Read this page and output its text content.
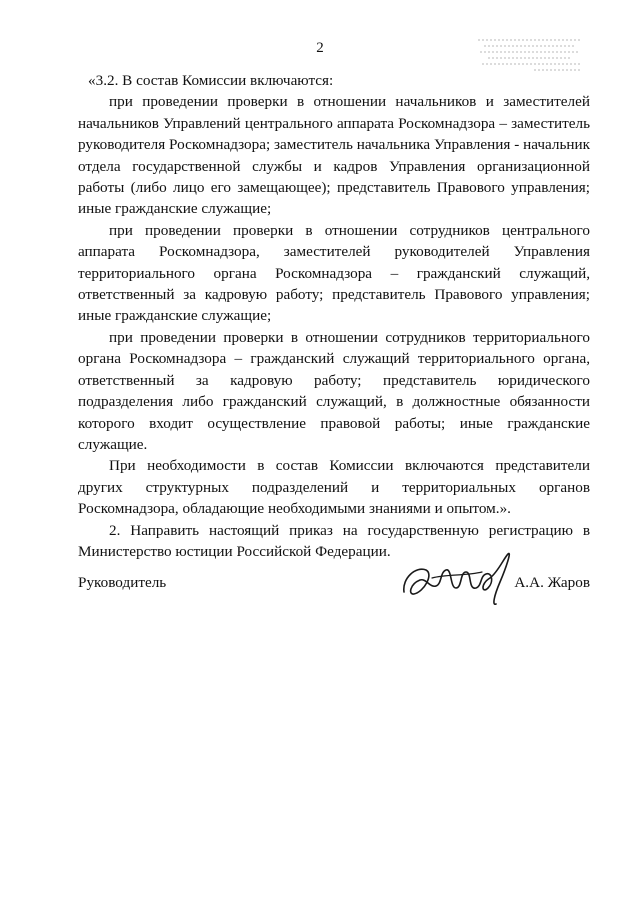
2

«3.2. В состав Комиссии включаются:

при проведении проверки в отношении начальников и заместителей начальников Управлений центрального аппарата Роскомнадзора – заместитель руководителя Роскомнадзора; заместитель начальника Управления - начальник отдела государственной службы и кадров Управления организационной работы (либо лицо его замещающее); представитель Правового управления; иные гражданские служащие;

при проведении проверки в отношении сотрудников центрального аппарата Роскомнадзора, заместителей руководителей Управления территориального органа Роскомнадзора – гражданский служащий, ответственный за кадровую работу; представитель Правового управления; иные гражданские служащие;

при проведении проверки в отношении сотрудников территориального органа Роскомнадзора – гражданский служащий территориального органа, ответственный за кадровую работу; представитель юридического подразделения либо гражданский служащий, в должностные обязанности которого входит осуществление правовой работы; иные гражданские служащие.

При необходимости в состав Комиссии включаются представители других структурных подразделений и территориальных органов Роскомнадзора, обладающие необходимыми знаниями и опытом.».

2. Направить настоящий приказ на государственную регистрацию в Министерство юстиции Российской Федерации.

Руководитель	А.А. Жаров
